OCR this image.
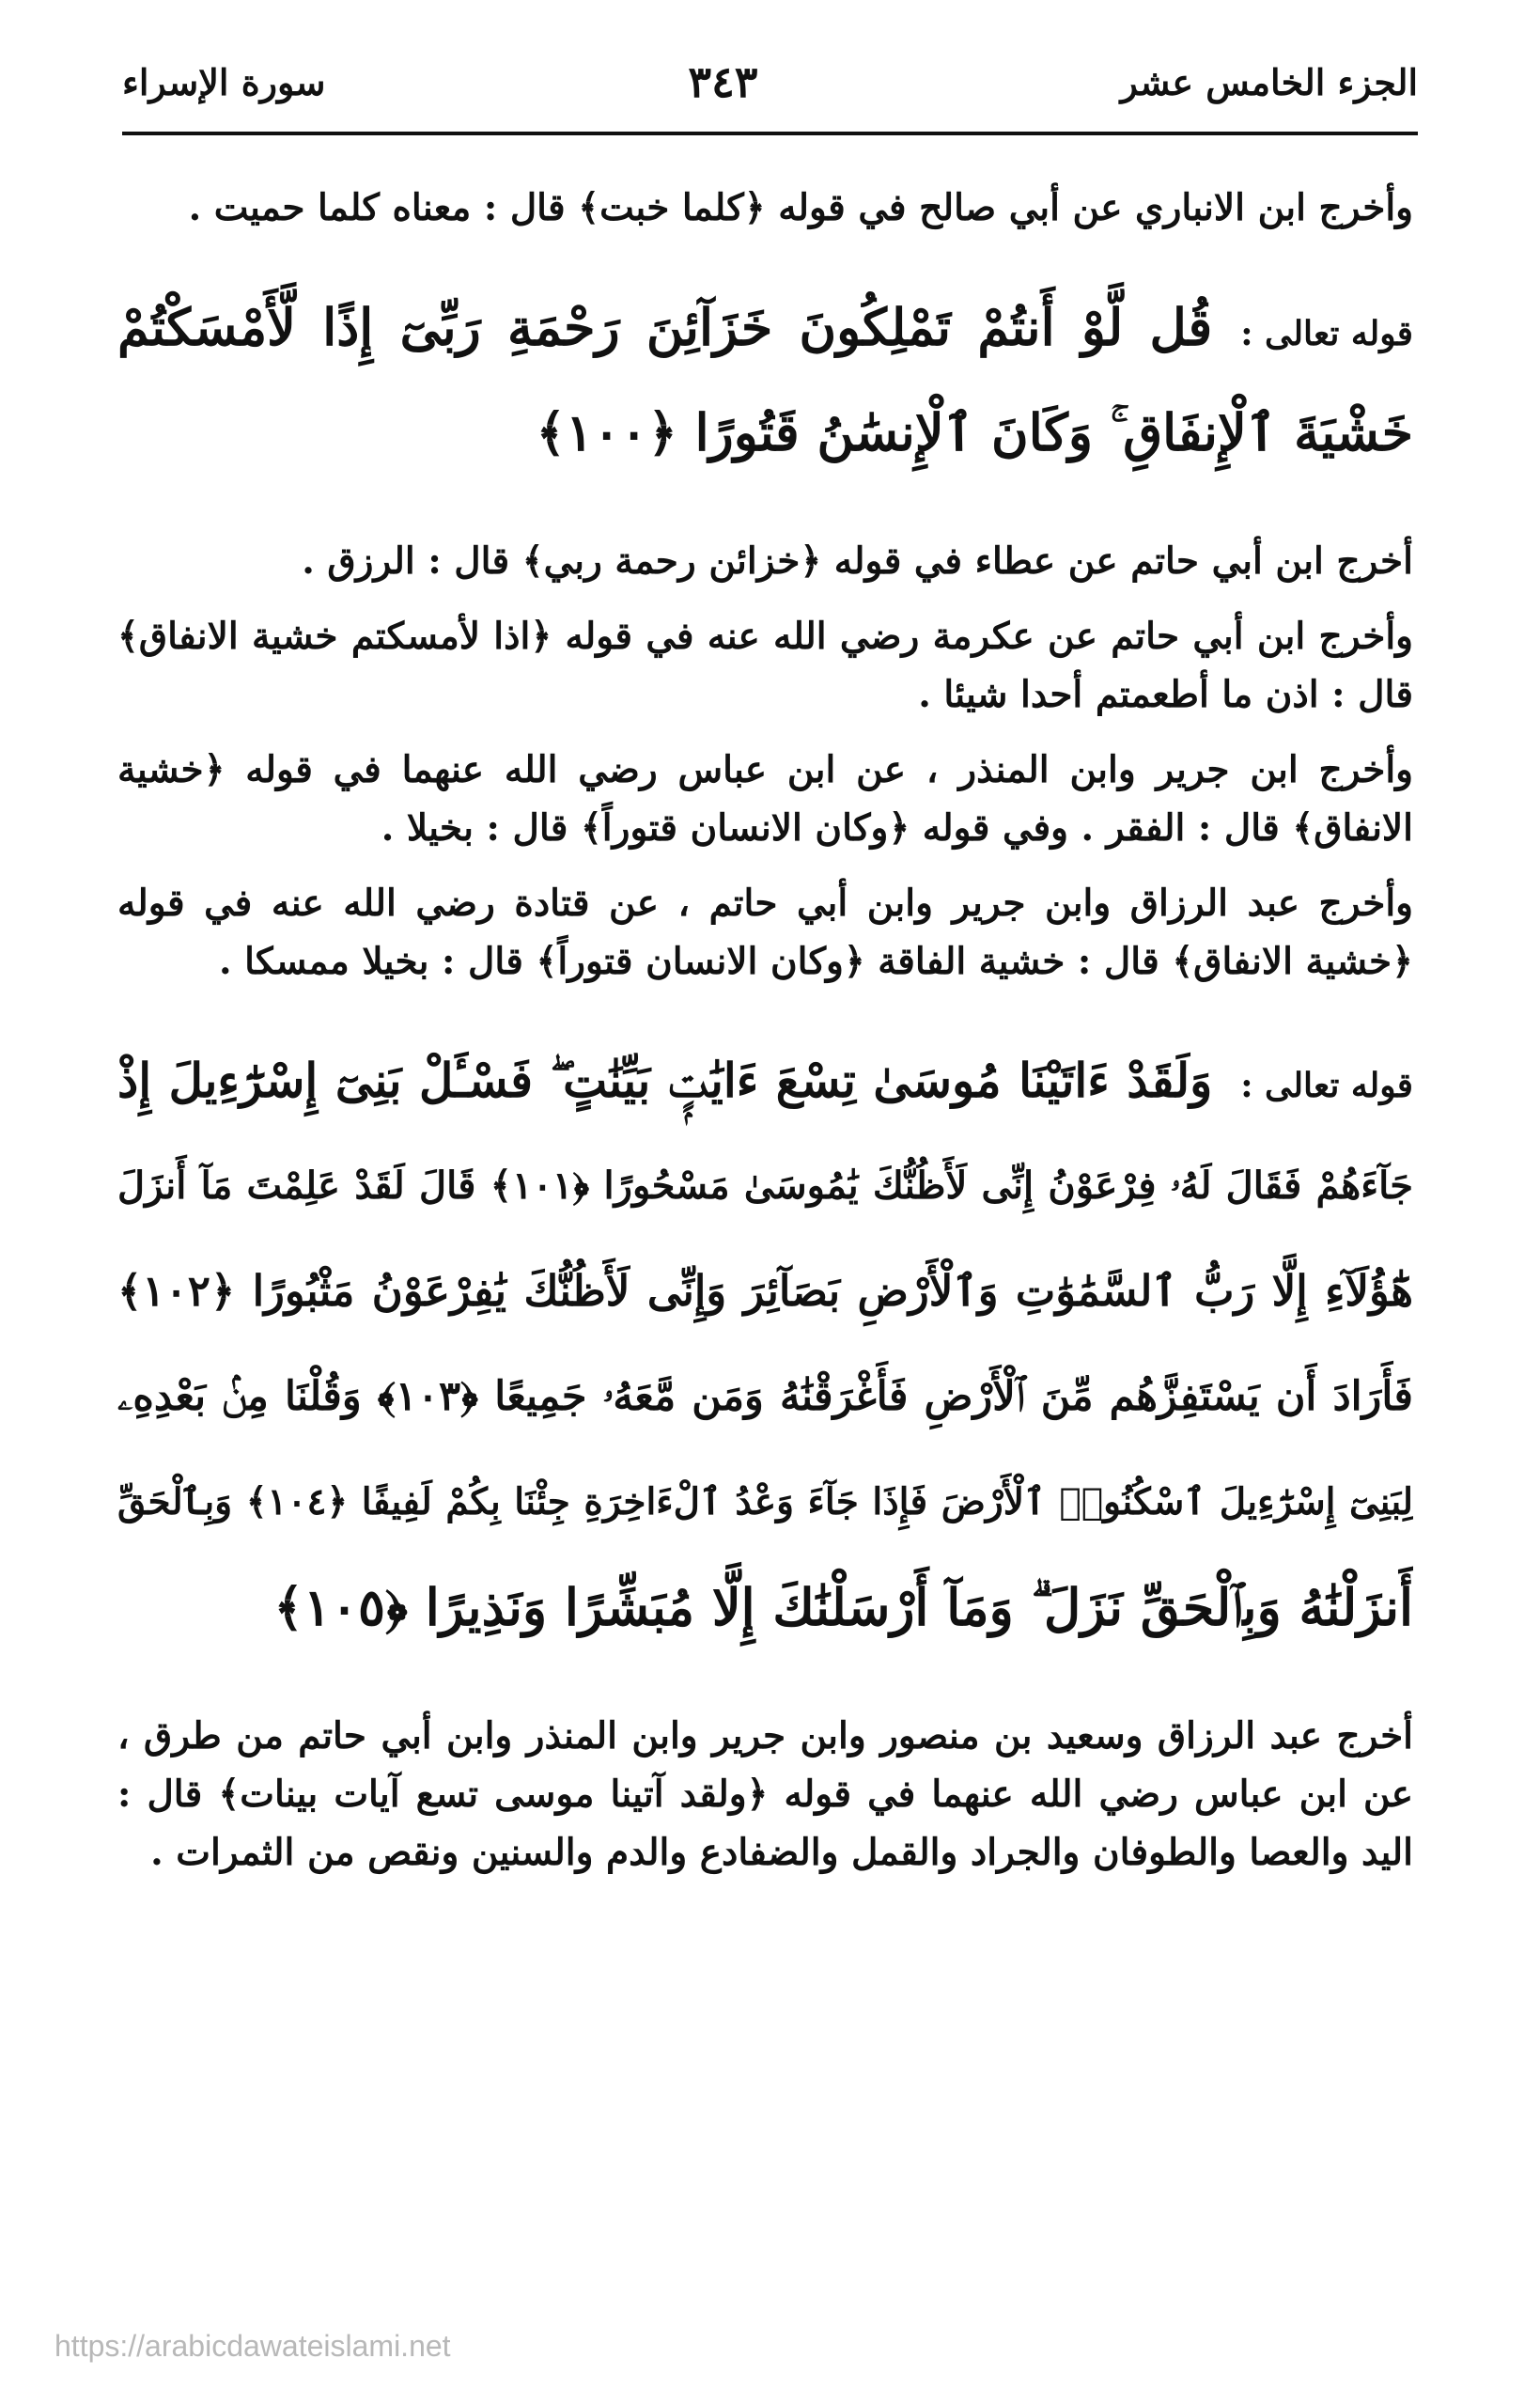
الجزء الخامس عشر
٣٤٣
سورة الإسراء
وأخرج ابن الانباري عن أبي صالح في قوله ﴿كلما خبت﴾ قال : معناه كلما حميت .
قوله تعالى :
قُل لَّوْ أَنتُمْ تَمْلِكُونَ خَزَآئِنَ رَحْمَةِ رَبِّىٓ إِذًا لَّأَمْسَكْتُمْ
خَشْيَةَ ٱلْإِنفَاقِ ۚ وَكَانَ ٱلْإِنسَٰنُ قَتُورًا ﴿١٠٠﴾
أخرج ابن أبي حاتم عن عطاء في قوله ﴿خزائن رحمة ربي﴾ قال : الرزق .
وأخرج ابن أبي حاتم عن عكرمة رضي الله عنه في قوله ﴿اذا لأمسكتم خشية الانفاق﴾ قال : اذن ما أطعمتم أحدا شيئا .
وأخرج ابن جرير وابن المنذر ، عن ابن عباس رضي الله عنهما في قوله ﴿خشية الانفاق﴾ قال : الفقر . وفي قوله ﴿وكان الانسان قتوراً﴾ قال : بخيلا .
وأخرج عبد الرزاق وابن جرير وابن أبي حاتم ، عن قتادة رضي الله عنه في قوله ﴿خشية الانفاق﴾ قال : خشية الفاقة ﴿وكان الانسان قتوراً﴾ قال : بخيلا ممسكا .
قوله تعالى :
وَلَقَدْ ءَاتَيْنَا مُوسَىٰ تِسْعَ ءَايَٰتٍۭ بَيِّنَٰتٍ ۖ فَسْـَٔلْ بَنِىٓ إِسْرَٰٓءِيلَ إِذْ
جَآءَهُمْ فَقَالَ لَهُۥ فِرْعَوْنُ إِنِّى لَأَظُنُّكَ يَٰمُوسَىٰ مَسْحُورًا ﴿١٠١﴾ قَالَ لَقَدْ عَلِمْتَ مَآ أَنزَلَ
هَٰٓؤُلَآءِ إِلَّا رَبُّ ٱلسَّمَٰوَٰتِ وَٱلْأَرْضِ بَصَآئِرَ وَإِنِّى لَأَظُنُّكَ يَٰفِرْعَوْنُ مَثْبُورًا ﴿١٠٢﴾
فَأَرَادَ أَن يَسْتَفِزَّهُم مِّنَ ٱلْأَرْضِ فَأَغْرَقْنَٰهُ وَمَن مَّعَهُۥ جَمِيعًا ﴿١٠٣﴾ وَقُلْنَا مِنۢ بَعْدِهِۦ
لِبَنِىٓ إِسْرَٰٓءِيلَ ٱسْكُنُوا۟ ٱلْأَرْضَ فَإِذَا جَآءَ وَعْدُ ٱلْءَاخِرَةِ جِئْنَا بِكُمْ لَفِيفًا ﴿١٠٤﴾ وَبِٱلْحَقِّ
أَنزَلْنَٰهُ وَبِٱلْحَقِّ نَزَلَ ۗ وَمَآ أَرْسَلْنَٰكَ إِلَّا مُبَشِّرًا وَنَذِيرًا ﴿١٠٥﴾
أخرج عبد الرزاق وسعيد بن منصور وابن جرير وابن المنذر وابن أبي حاتم من طرق ، عن ابن عباس رضي الله عنهما في قوله ﴿ولقد آتينا موسى تسع آيات بينات﴾ قال : اليد والعصا والطوفان والجراد والقمل والضفادع والدم والسنين ونقص من الثمرات .
https://arabicdawateislami.net
